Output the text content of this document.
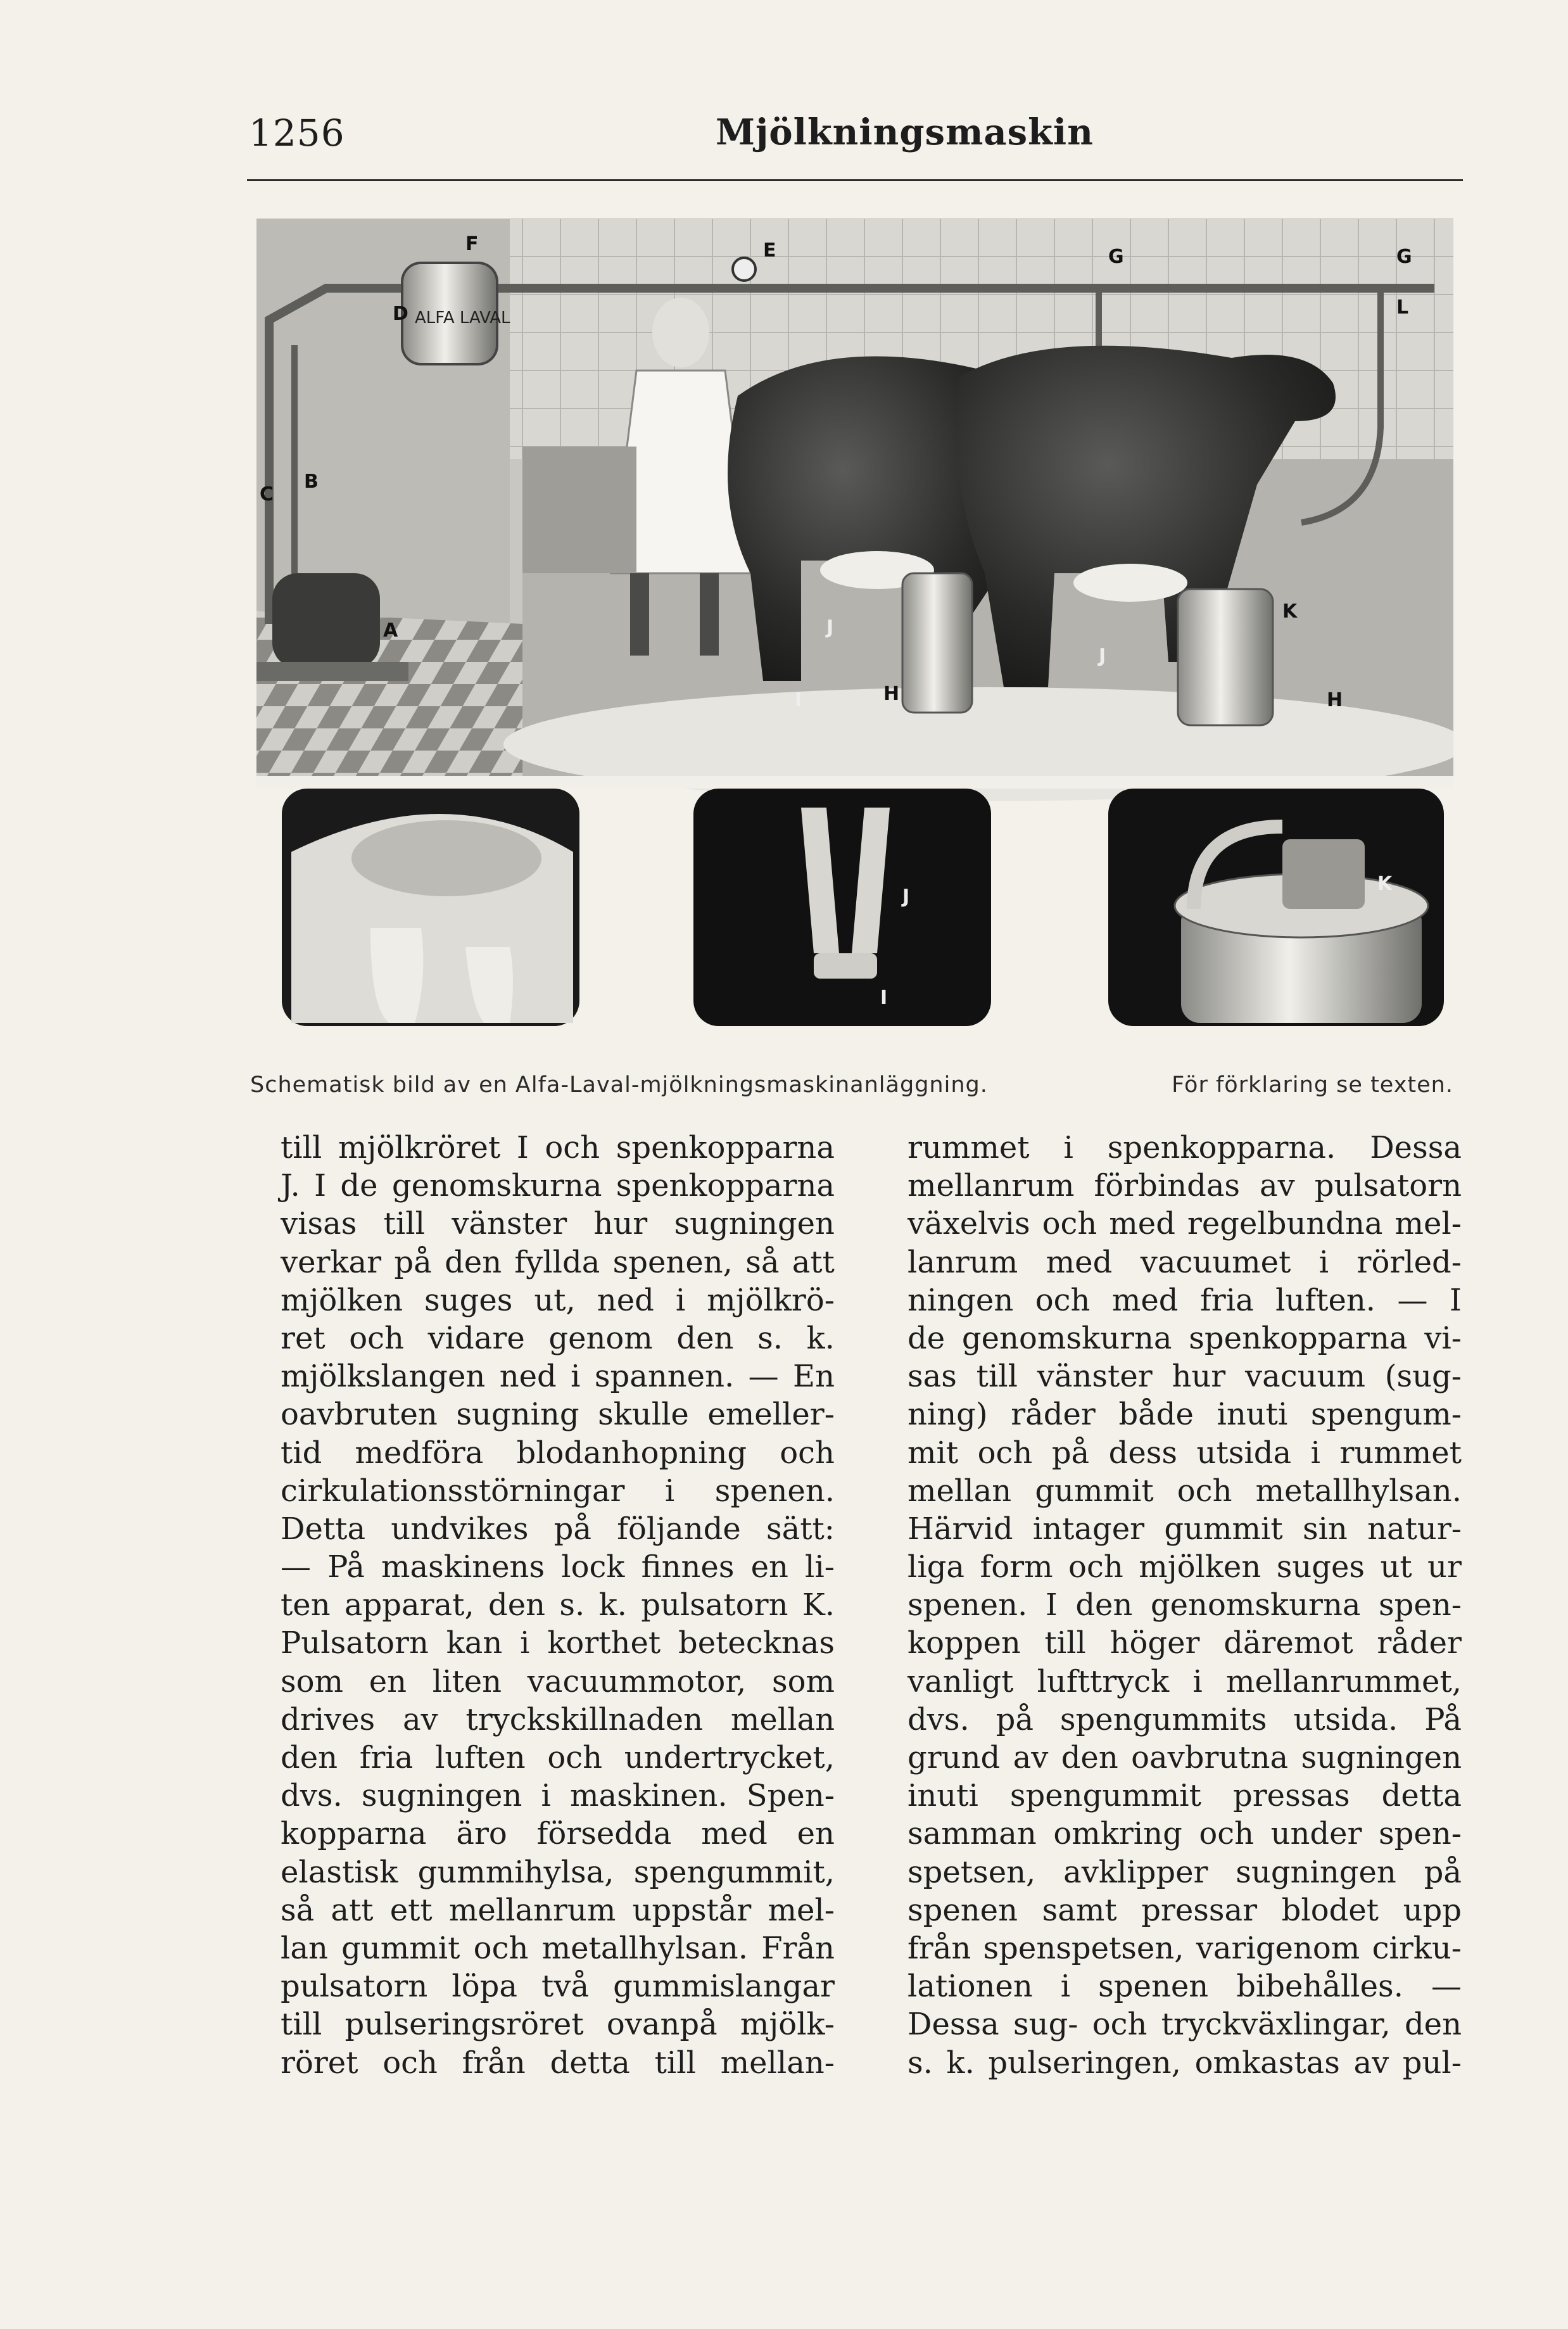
1256	Mjölkningsmaskin
ALFA LAVAL
F
D
E	G	G
L
C
B
A	J
J
H	H
I
K
J
I
K
Schematisk bild av en Alfa-Laval-mjölkningsmaskinanläggning.	För förklaring se texten.
till mjölkröret I och spenkopparna
J. I de genomskurna spenkopparna
visas till vänster hur sugningen
verkar på den fyllda spenen, så att
mjölken suges ut, ned i mjölkrö-
ret och vidare genom den s. k.
mjölkslangen ned i spannen. — En
oavbruten sugning skulle emeller-
tid medföra blodanhopning och
cirkulationsstörningar i spenen.
Detta undvikes på följande sätt:
— På maskinens lock finnes en li-
ten apparat, den s. k. pulsatorn K.
Pulsatorn kan i korthet betecknas
som en liten vacuummotor, som
drives av tryckskillnaden mellan
den fria luften och undertrycket,
dvs. sugningen i maskinen. Spen-
kopparna äro försedda med en
elastisk gummihylsa, spengummit,
så att ett mellanrum uppstår mel-
lan gummit och metallhylsan. Från
pulsatorn löpa två gummislangar
till pulseringsröret ovanpå mjölk-
röret och från detta till mellan-
rummet i spenkopparna. Dessa
mellanrum förbindas av pulsatorn
växelvis och med regelbundna mel-
lanrum med vacuumet i rörled-
ningen och med fria luften. — I
de genomskurna spenkopparna vi-
sas till vänster hur vacuum (sug-
ning) råder både inuti spengum-
mit och på dess utsida i rummet
mellan gummit och metallhylsan.
Härvid intager gummit sin natur-
liga form och mjölken suges ut ur
spenen. I den genomskurna spen-
koppen till höger däremot råder
vanligt lufttryck i mellanrummet,
dvs. på spengummits utsida. På
grund av den oavbrutna sugningen
inuti spengummit pressas detta
samman omkring och under spen-
spetsen, avklipper sugningen på
spenen samt pressar blodet upp
från spenspetsen, varigenom cirku-
lationen i spenen bibehålles. —
Dessa sug- och tryckväxlingar, den
s. k. pulseringen, omkastas av pul-
